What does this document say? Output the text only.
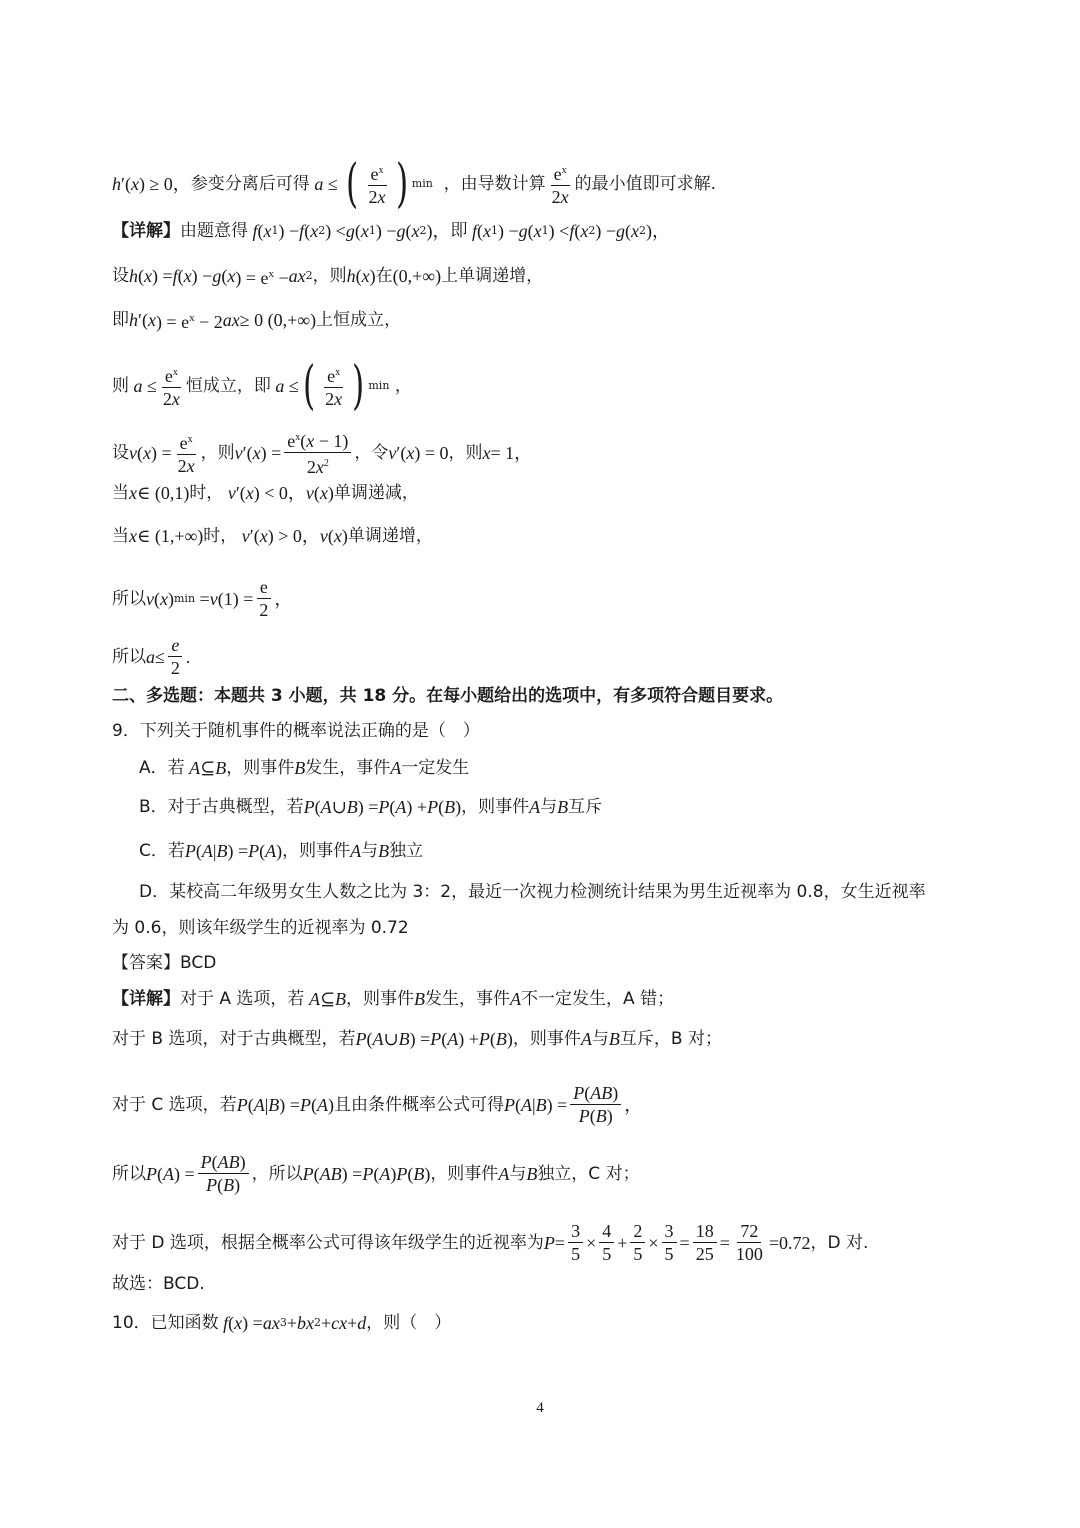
h ′( x ) ≥ 0， 参变分离后可得 a ≤ ( $\frac{e^x}{2x}$ ) min ，由导数计算 $\frac{e^x}{2x}$ 的最小值即可求解.
【详解】 由题意得 f ( x 1 ) − f ( x 2 ) < g ( x 1 ) − g ( x 2 )， 即 f ( x 1 ) − g ( x 1 ) < f ( x 2 ) − g ( x 2 )，
设 h ( x ) = f ( x ) − g ( x ) = $e^x$ − ax 2 ，则 h ( x ) 在 (0,+∞) 上单调递增，
即 h ′( x ) = $e^x - 2$ ax ≥ 0 (0,+∞) 上恒成立，
则 $a \le \frac{e^x}{2x}$ 恒成立，即 a ≤ ( $\frac{e^x}{2x}$ ) min ，
设 v ( x ) = $\frac{e^x}{2x}$ ，则 v ′( x ) = $\frac{e^x(x - 1)}{2x^2}$ ，令 v ′( x ) = 0 ，则 x = 1，
当 x ∈ (0,1) 时， v ′( x ) < 0， v ( x ) 单调递减，
当 x ∈ (1,+∞) 时， v ′( x ) > 0， v ( x ) 单调递增，
所以 v ( x ) min = v $(1) = \frac{e}{2}$ ，
所以 $a \le \frac{e}{2}$ .
二、多选题：本题共 3 小题，共 18 分。在每小题给出的选项中，有多项符合题目要求。
9．下列关于随机事件的概率说法正确的是（　）
A．若 A ⊆ B ，则事件 B 发生，事件 A 一定发生
B．对于古典概型，若 P ( A ∪ B ) = P ( A ) + P ( B ) ，则事件 A 与 B 互斥
C．若 P ( A | B ) = P ( A ) ，则事件 A 与 B 独立
D．某校高二年级男女生人数之比为 3：2，最近一次视力检测统计结果为男生近视率为 0.8，女生近视率
为 0.6，则该年级学生的近视率为 0.72
【答案】BCD
【详解】 对于 A 选项，若 A ⊆ B ，则事件 B 发生，事件 A 不一定发生，A 错；
对于 B 选项，对于古典概型，若 P ( A ∪ B ) = P ( A ) + P ( B ) ，则事件 A 与 B 互斥，B 对；
对于 C 选项，若 P ( A | B ) = P ( A ) 且由条件概率公式可得 P ( A | B ) = $\frac{P(AB)}{P(B)}$ ，
所以 P ( A ) = $\frac{P(AB)}{P(B)}$ ，所以 P ( AB ) = P ( A ) P ( B ) ，则事件 A 与 B 独立，C 对；
对于 D 选项，根据全概率公式可得该年级学生的近视率为 $P = \frac{3}{5} \times \frac{4}{5} + \frac{2}{5} \times \frac{3}{5} = \frac{18}{25} = \frac{72}{100} =0.72$ ，D 对.
故选：BCD.
10．已知函数 f ( x ) = ax 3 + bx 2 + cx + d ，则（　）
4
